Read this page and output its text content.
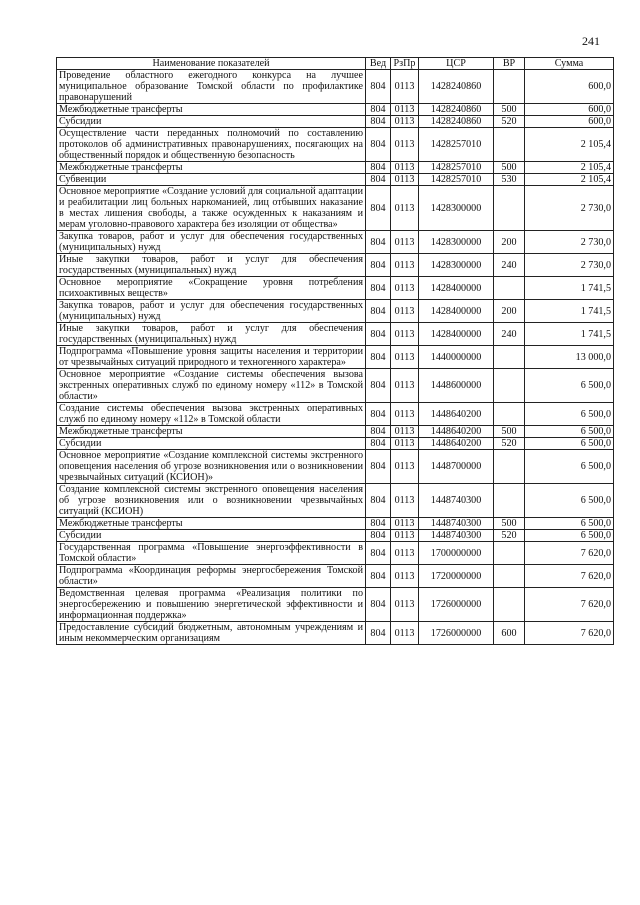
241
Наименование показателей	Вед	РзПр	ЦСР	ВР	Сумма
Проведение областного ежегодного конкурса на лучшее муниципальное образование Томской области по профилактике правонарушений	804	0113	1428240860		600,0
Межбюджетные трансферты	804	0113	1428240860	500	600,0
Субсидии	804	0113	1428240860	520	600,0
Осуществление части переданных полномочий по составлению протоколов об административных правонарушениях, посягающих на общественный порядок и общественную безопасность	804	0113	1428257010		2 105,4
Межбюджетные трансферты	804	0113	1428257010	500	2 105,4
Субвенции	804	0113	1428257010	530	2 105,4
Основное мероприятие «Создание условий для социальной адаптации и реабилитации лиц больных наркоманией, лиц отбывших наказание в местах лишения свободы, а также осужденных к наказаниям и мерам уголовно-правового характера без изоляции от общества»	804	0113	1428300000		2 730,0
Закупка товаров, работ и услуг для обеспечения государственных (муниципальных) нужд	804	0113	1428300000	200	2 730,0
Иные закупки товаров, работ и услуг для обеспечения государственных (муниципальных) нужд	804	0113	1428300000	240	2 730,0
Основное мероприятие «Сокращение уровня потребления психоактивных веществ»	804	0113	1428400000		1 741,5
Закупка товаров, работ и услуг для обеспечения государственных (муниципальных) нужд	804	0113	1428400000	200	1 741,5
Иные закупки товаров, работ и услуг для обеспечения государственных (муниципальных) нужд	804	0113	1428400000	240	1 741,5
Подпрограмма «Повышение уровня защиты населения и территории от чрезвычайных ситуаций природного и техногенного характера»	804	0113	1440000000		13 000,0
Основное мероприятие «Создание системы обеспечения вызова экстренных оперативных служб по единому номеру «112» в Томской области»	804	0113	1448600000		6 500,0
Создание системы обеспечения вызова экстренных оперативных служб по единому номеру «112» в Томской области	804	0113	1448640200		6 500,0
Межбюджетные трансферты	804	0113	1448640200	500	6 500,0
Субсидии	804	0113	1448640200	520	6 500,0
Основное мероприятие «Создание комплексной системы экстренного оповещения населения об угрозе возникновения или о возникновении чрезвычайных ситуаций (КСИОН)»	804	0113	1448700000		6 500,0
Создание комплексной системы экстренного оповещения населения об угрозе возникновения или о возникновении чрезвычайных ситуаций (КСИОН)	804	0113	1448740300		6 500,0
Межбюджетные трансферты	804	0113	1448740300	500	6 500,0
Субсидии	804	0113	1448740300	520	6 500,0
Государственная программа «Повышение энергоэффективности в Томской области»	804	0113	1700000000		7 620,0
Подпрограмма «Координация реформы энергосбережения Томской области»	804	0113	1720000000		7 620,0
Ведомственная целевая программа «Реализация политики по энергосбережению и повышению энергетической эффективности и информационная поддержка»	804	0113	1726000000		7 620,0
Предоставление субсидий бюджетным, автономным учреждениям и иным некоммерческим организациям	804	0113	1726000000	600	7 620,0
